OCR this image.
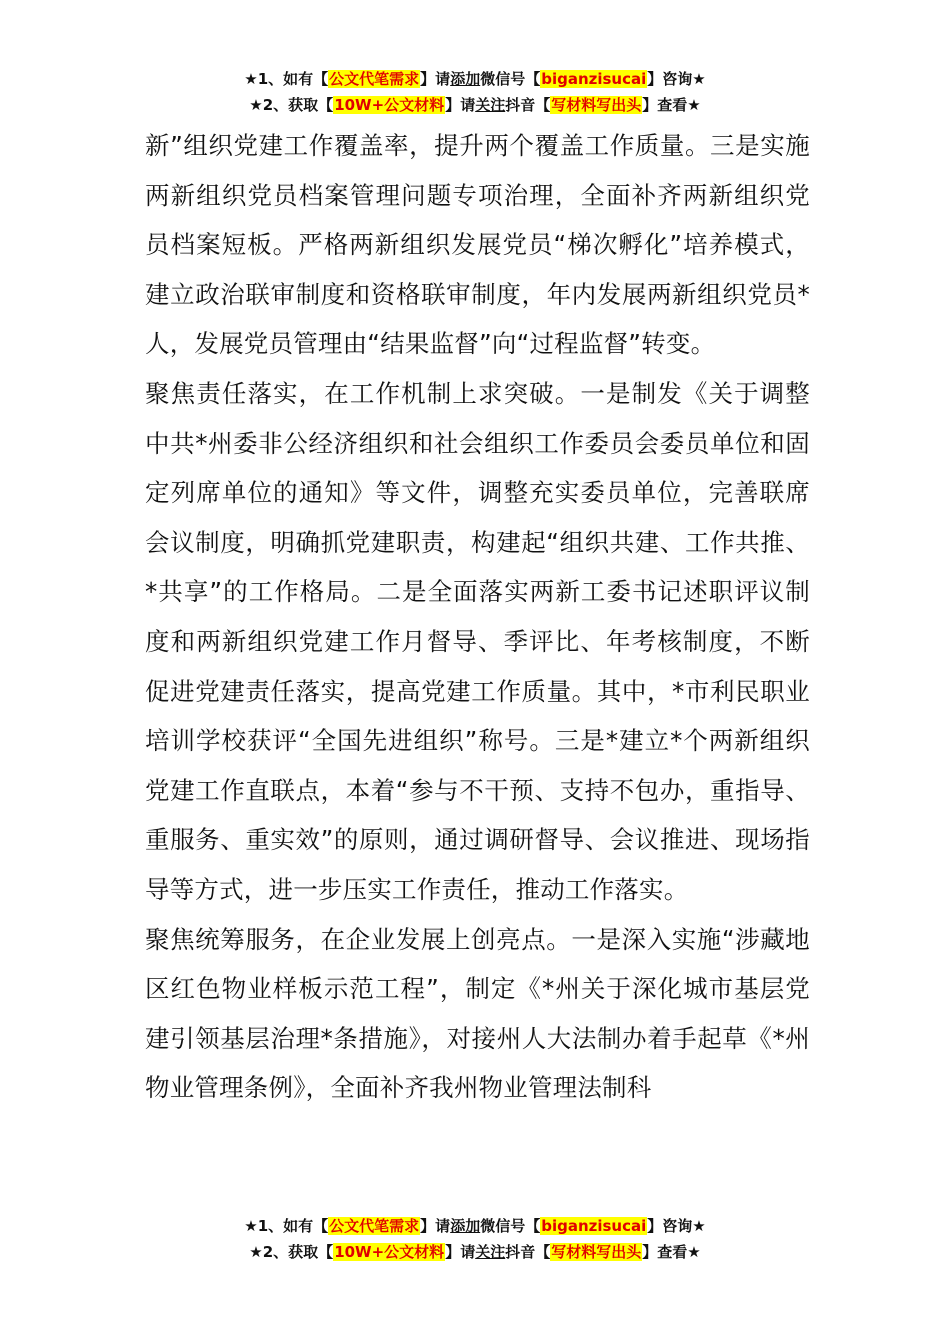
★1、如有【公文代笔需求】请添加微信号【biganzisucai】咨询★
★2、获取【10W+公文材料】请关注抖音【写材料写出头】查看★

新”组织党建工作覆盖率，提升两个覆盖工作质量。三是实施两新组织党员档案管理问题专项治理，全面补齐两新组织党员档案短板。严格两新组织发展党员“梯次孵化”培养模式，建立政治联审制度和资格联审制度，年内发展两新组织党员*人，发展党员管理由“结果监督”向“过程监督”转变。

聚焦责任落实，在工作机制上求突破。一是制发《关于调整中共*州委非公经济组织和社会组织工作委员会委员单位和固定列席单位的通知》等文件，调整充实委员单位，完善联席会议制度，明确抓党建职责，构建起“组织共建、工作共推、*共享”的工作格局。二是全面落实两新工委书记述职评议制度和两新组织党建工作月督导、季评比、年考核制度，不断促进党建责任落实，提高党建工作质量。其中，*市利民职业培训学校获评“全国先进组织”称号。三是*建立*个两新组织党建工作直联点，本着“参与不干预、支持不包办，重指导、重服务、重实效”的原则，通过调研督导、会议推进、现场指导等方式，进一步压实工作责任，推动工作落实。

聚焦统筹服务，在企业发展上创亮点。一是深入实施“涉藏地区红色物业样板示范工程”，制定《*州关于深化城市基层党建引领基层治理*条措施》，对接州人大法制办着手起草《*州物业管理条例》，全面补齐我州物业管理法制科

★1、如有【公文代笔需求】请添加微信号【biganzisucai】咨询★
★2、获取【10W+公文材料】请关注抖音【写材料写出头】查看★
